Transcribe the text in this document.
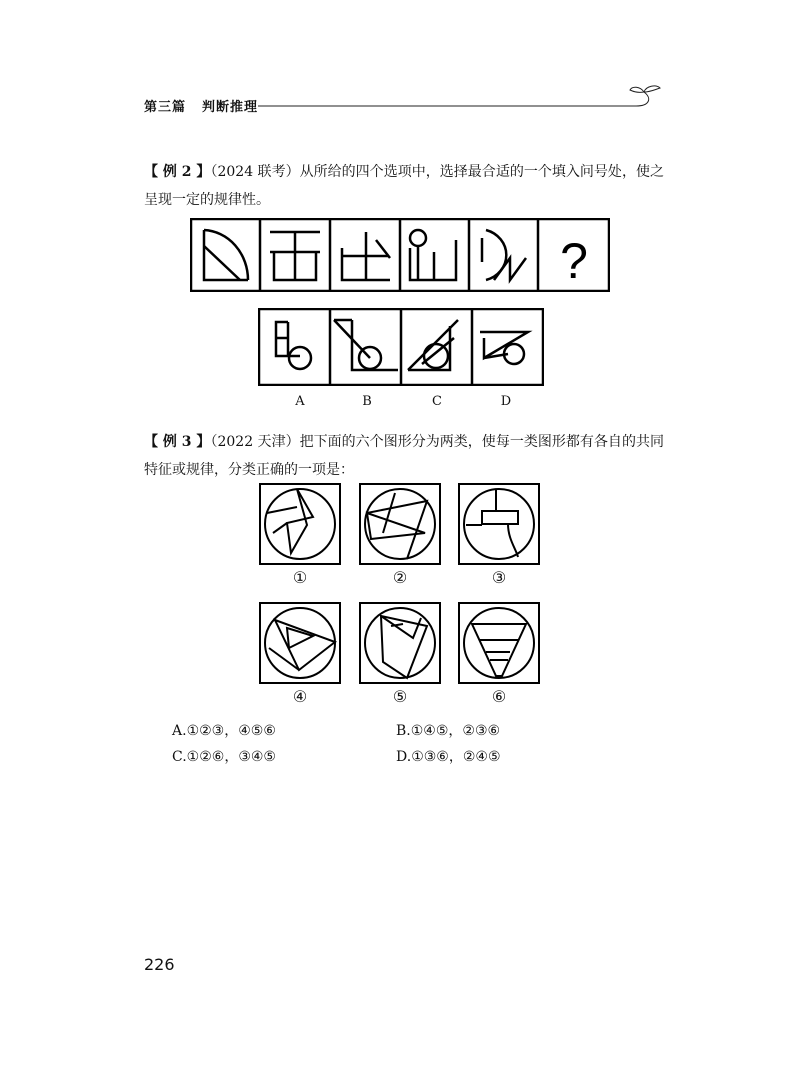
第三篇 判断推理
【 例 2 】（2024 联考）从所给的四个选项中，选择最合适的一个填入问号处，使之呈现一定的规律性。
?
A	B	C	D
【 例 3 】（2022 天津）把下面的六个图形分为两类，使每一类图形都有各自的共同特征或规律，分类正确的一项是：
①	②	③
④	⑤	⑥
A.①②③，④⑤⑥	B.①④⑤，②③⑥
C.①②⑥，③④⑤	D.①③⑥，②④⑤
226
